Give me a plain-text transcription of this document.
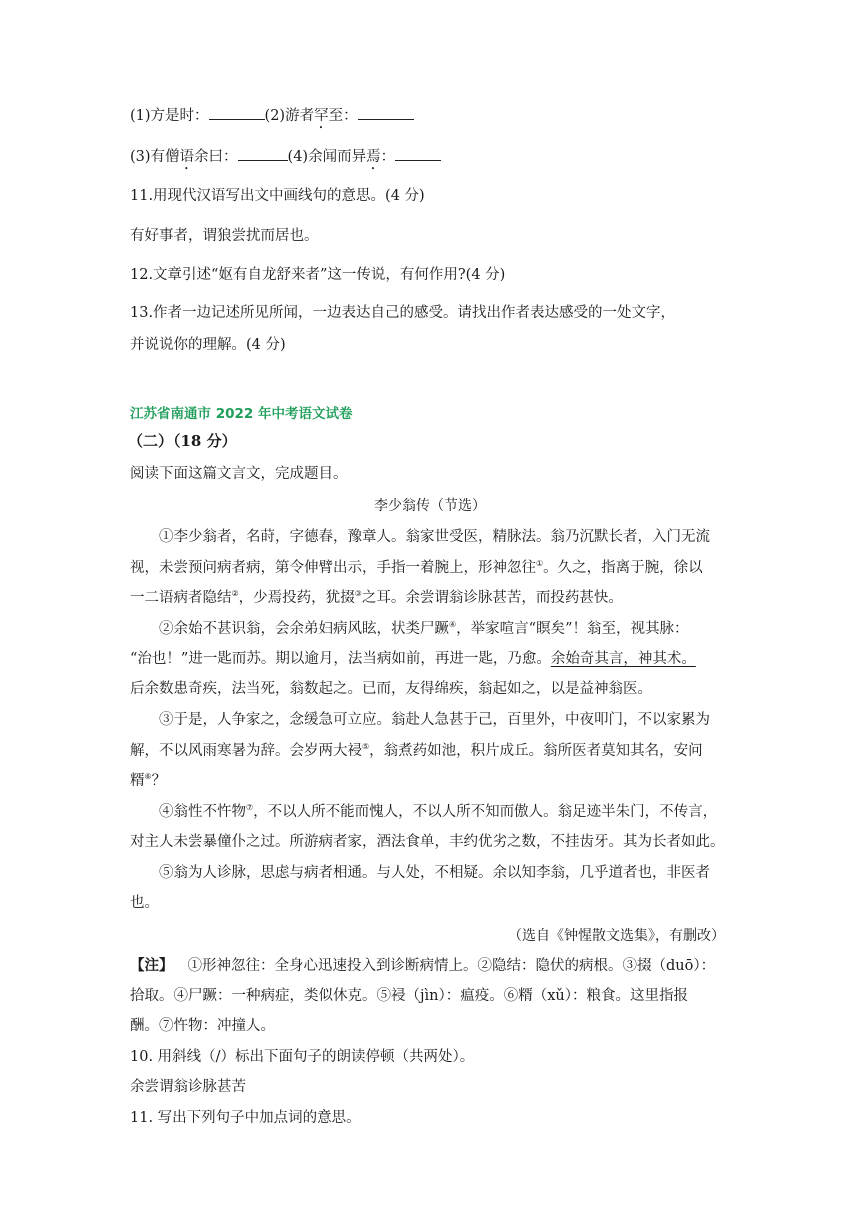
(1)方是时：	(2)游者罕至：
(3)有僧语余曰：	(4)余闻而异焉：
11.用现代汉语写出文中画线句的意思。(4 分)
有好事者，谓狼尝扰而居也。
12.文章引述“妪有自龙舒来者”这一传说，有何作用?(4 分)
13.作者一边记述所见所闻，一边表达自己的感受。请找出作者表达感受的一处文字，
并说说你的理解。(4 分)
江苏省南通市 2022 年中考语文试卷
（二）（18 分）
阅读下面这篇文言文，完成题目。
李少翁传（节选）
①李少翁者，名莳，字德春，豫章人。翁家世受医，精脉法。翁乃沉默长者，入门无流
视，未尝预问病者病，第令伸臂出示，手指一着腕上，形神忽往①。久之，指离于腕，徐以
一二语病者隐结②，少焉投药，犹掇③之耳。余尝谓翁诊脉甚苦，而投药甚快。
②余始不甚识翁，会余弟妇病风眩，状类尸蹶④，举家喧言“瞑矣”！翁至，视其脉：
“治也！”进一匙而苏。期以逾月，法当病如前，再进一匙，乃愈。余始奇其言，神其术。
后余数患奇疾，法当死，翁数起之。已而，友得绵疾，翁起如之，以是益神翁医。
③于是，人争家之，念缓急可立应。翁赴人急甚于己，百里外，中夜叩门，不以家累为
解，不以风雨寒暑为辞。会岁两大祲⑤，翁煮药如池，积片成丘。翁所医者莫知其名，安问
糈⑥？
④翁性不忤物⑦，不以人所不能而愧人，不以人所不知而傲人。翁足迹半朱门，不传言，
对主人未尝暴僮仆之过。所游病者家，酒法食单，丰约优劣之数，不挂齿牙。其为长者如此。
⑤翁为人诊脉，思虑与病者相通。与人处，不相疑。余以知李翁，几乎道者也，非医者
也。
（选自《钟惺散文选集》，有删改）
【注】 ①形神忽往：全身心迅速投入到诊断病情上。②隐结：隐伏的病根。③掇（duō）：
拾取。④尸蹶：一种病症，类似休克。⑤祲（jìn）：瘟疫。⑥糈（xǔ）：粮食。这里指报
酬。⑦忤物：冲撞人。
10. 用斜线（/）标出下面句子的朗读停顿（共两处）。
余尝谓翁诊脉甚苦
11. 写出下列句子中加点词的意思。
